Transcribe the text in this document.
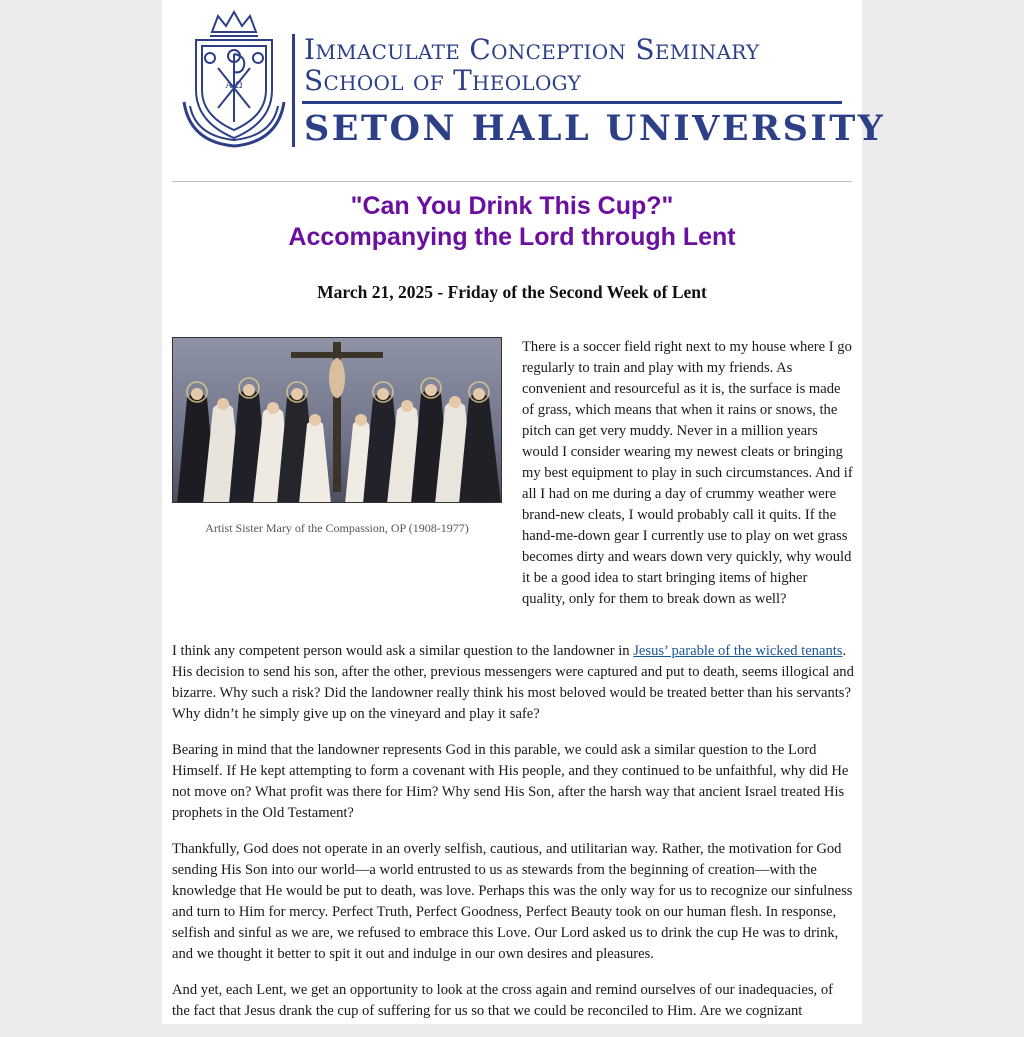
A Ω
Immaculate Conception Seminary
School of Theology
SETON HALL UNIVERSITY
"Can You Drink This Cup?"
Accompanying the Lord through Lent
March 21, 2025 - Friday of the Second Week of Lent
Artist Sister Mary of the Compassion, OP (1908-1977)

There is a soccer field right next to my house where I go regularly to train and play with my friends. As convenient and resourceful as it is, the surface is made of grass, which means that when it rains or snows, the pitch can get very muddy. Never in a million years would I consider wearing my newest cleats or bringing my best equipment to play in such circumstances. And if all I had on me during a day of crummy weather were brand-new cleats, I would probably call it quits. If the hand-me-down gear I currently use to play on wet grass becomes dirty and wears down very quickly, why would it be a good idea to start bringing items of higher quality, only for them to break down as well?

I think any competent person would ask a similar question to the landowner in Jesus’ parable of the wicked tenants. His decision to send his son, after the other, previous messengers were captured and put to death, seems illogical and bizarre. Why such a risk? Did the landowner really think his most beloved would be treated better than his servants? Why didn’t he simply give up on the vineyard and play it safe?

Bearing in mind that the landowner represents God in this parable, we could ask a similar question to the Lord Himself. If He kept attempting to form a covenant with His people, and they continued to be unfaithful, why did He not move on? What profit was there for Him? Why send His Son, after the harsh way that ancient Israel treated His prophets in the Old Testament?

Thankfully, God does not operate in an overly selfish, cautious, and utilitarian way. Rather, the motivation for God sending His Son into our world—a world entrusted to us as stewards from the beginning of creation—with the knowledge that He would be put to death, was love. Perhaps this was the only way for us to recognize our sinfulness and turn to Him for mercy. Perfect Truth, Perfect Goodness, Perfect Beauty took on our human flesh. In response, selfish and sinful as we are, we refused to embrace this Love. Our Lord asked us to drink the cup He was to drink, and we thought it better to spit it out and indulge in our own desires and pleasures.

And yet, each Lent, we get an opportunity to look at the cross again and remind ourselves of our inadequacies, of the fact that Jesus drank the cup of suffering for us so that we could be reconciled to Him. Are we cognizant
